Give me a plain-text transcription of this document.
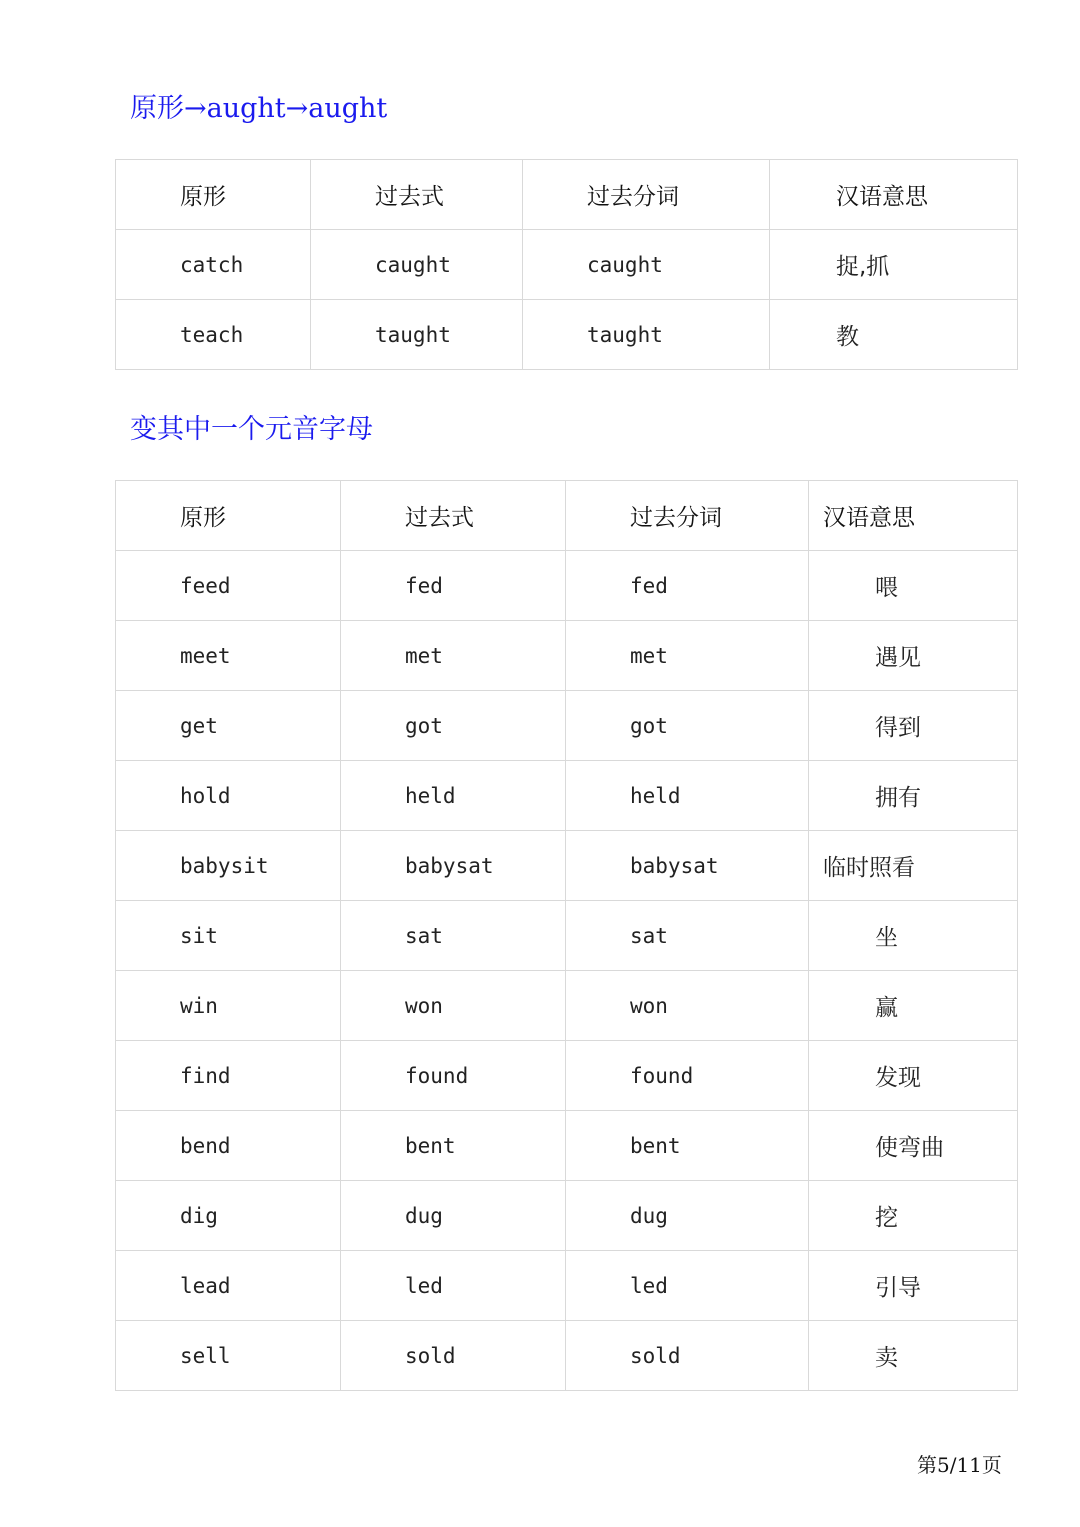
原形→aught→aught
原形	过去式	过去分词	汉语意思
catch	caught	caught	捉,抓
teach	taught	taught	教
变其中一个元音字母
原形	过去式	过去分词	汉语意思
feed	fed	fed	喂
meet	met	met	遇见
get	got	got	得到
hold	held	held	拥有
babysit	babysat	babysat	临时照看
sit	sat	sat	坐
win	won	won	赢
find	found	found	发现
bend	bent	bent	使弯曲
dig	dug	dug	挖
lead	led	led	引导
sell	sold	sold	卖

第5/11页
